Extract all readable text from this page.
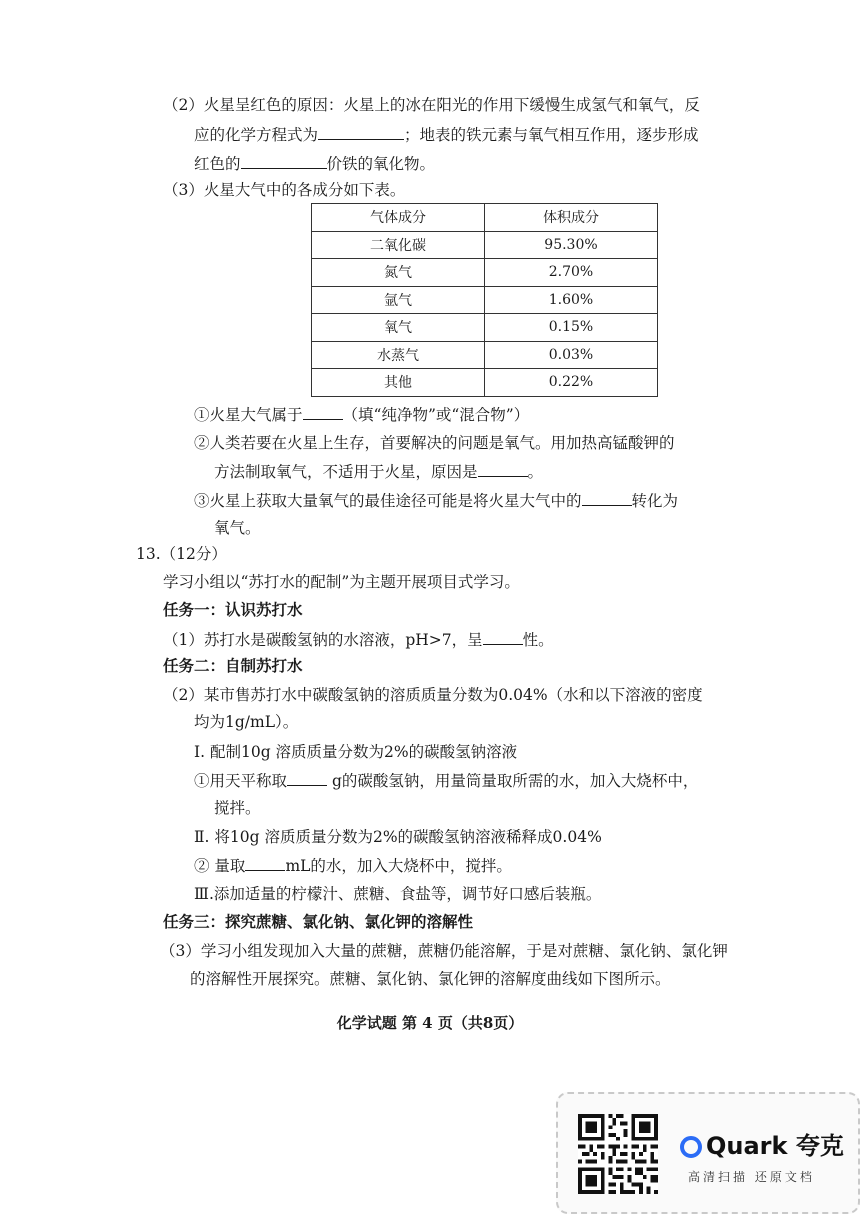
（2）火星呈红色的原因：火星上的冰在阳光的作用下缓慢生成氢气和氧气，反
应的化学方程式为	；地表的铁元素与氧气相互作用，逐步形成
红色的	价铁的氧化物。
（3）火星大气中的各成分如下表。
气体成分	体积成分
二氧化碳	95.30%
氮气	2.70%
氩气	1.60%
氧气	0.15%
水蒸气	0.03%
其他	0.22%
①火星大气属于	（填“纯净物”或“混合物”）
②人类若要在火星上生存，首要解决的问题是氧气。用加热高锰酸钾的
方法制取氧气，不适用于火星，原因是	。
③火星上获取大量氧气的最佳途径可能是将火星大气中的	转化为
氧气。
13.（12分）
学习小组以“苏打水的配制”为主题开展项目式学习。
任务一：认识苏打水
（1）苏打水是碳酸氢钠的水溶液，pH>7，呈	性。
任务二：自制苏打水
（2）某市售苏打水中碳酸氢钠的溶质质量分数为0.04%（水和以下溶液的密度
均为1g/mL）。
Ⅰ. 配制10g 溶质质量分数为2%的碳酸氢钠溶液
①用天平称取	g的碳酸氢钠，用量筒量取所需的水，加入大烧杯中，
搅拌。
Ⅱ. 将10g 溶质质量分数为2%的碳酸氢钠溶液稀释成0.04%
② 量取	mL的水，加入大烧杯中，搅拌。
Ⅲ.添加适量的柠檬汁、蔗糖、食盐等，调节好口感后装瓶。
任务三：探究蔗糖、氯化钠、氯化钾的溶解性
（3）学习小组发现加入大量的蔗糖，蔗糖仍能溶解，于是对蔗糖、氯化钠、氯化钾
的溶解性开展探究。蔗糖、氯化钠、氯化钾的溶解度曲线如下图所示。
化学试题 第 4 页（共8页）
Quark 夸克
高清扫描 还原文档
